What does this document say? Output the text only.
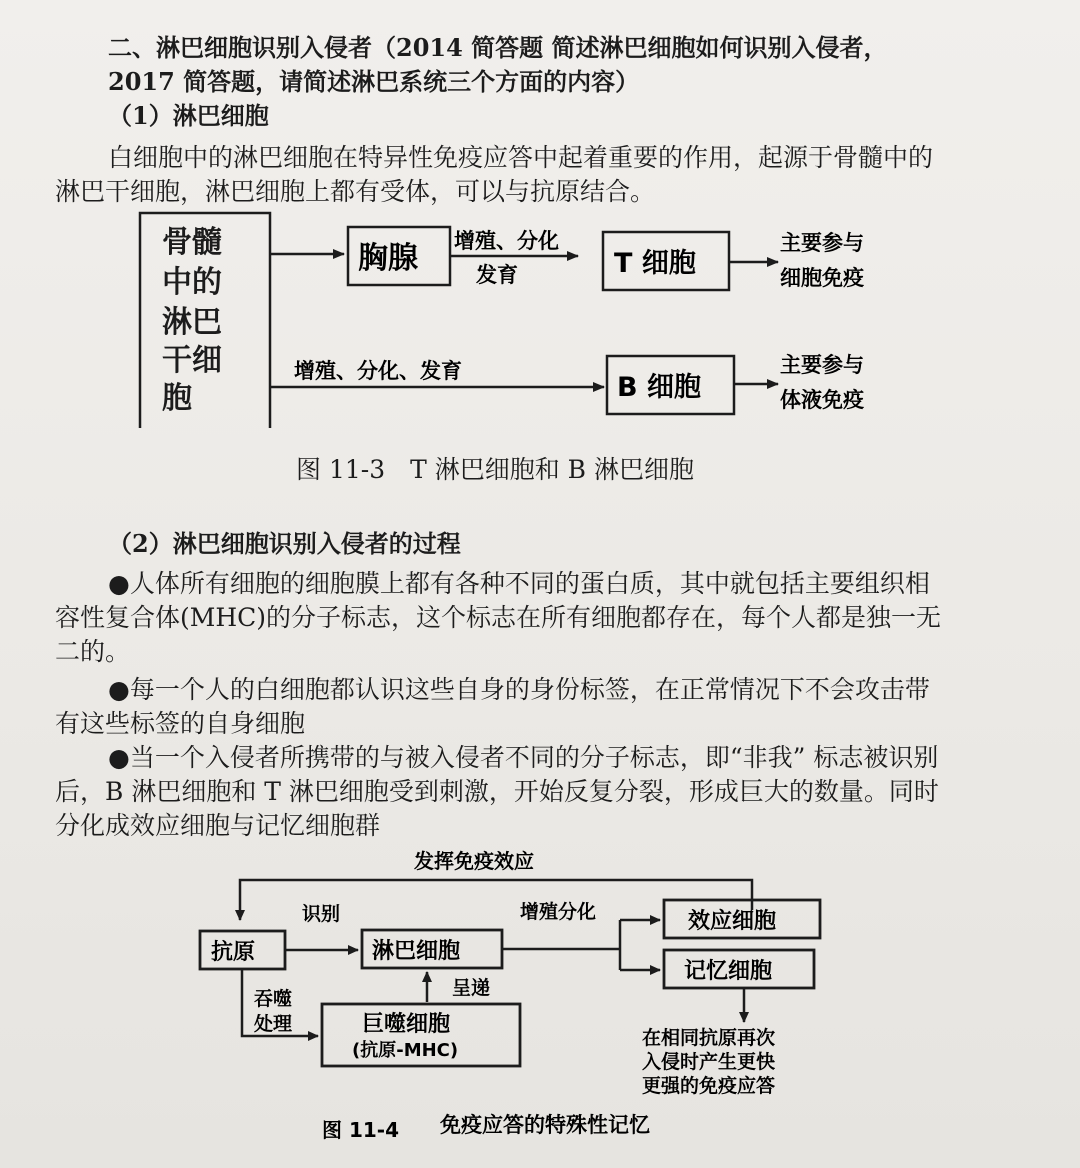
二、淋巴细胞识别入侵者（2014 简答题 简述淋巴细胞如何识别入侵者，
2017 简答题，请简述淋巴系统三个方面的内容）
（1）淋巴细胞
白细胞中的淋巴细胞在特异性免疫应答中起着重要的作用，起源于骨髓中的
淋巴干细胞，淋巴细胞上都有受体，可以与抗原结合。
骨髓
中的
淋巴
干细
胞
胸腺 增殖、分化
发育	T 细胞
主要参与
细胞免疫
增殖、分化、发育
B 细胞
主要参与
体液免疫
图 11-3　T 淋巴细胞和 B 淋巴细胞
（2）淋巴细胞识别入侵者的过程
●人体所有细胞的细胞膜上都有各种不同的蛋白质，其中就包括主要组织相
容性复合体(MHC)的分子标志，这个标志在所有细胞都存在，每个人都是独一无
二的。
●每一个人的白细胞都认识这些自身的身份标签，在正常情况下不会攻击带
有这些标签的自身细胞
●当一个入侵者所携带的与被入侵者不同的分子标志，即“非我” 标志被识别
后，B 淋巴细胞和 T 淋巴细胞受到刺激，开始反复分裂，形成巨大的数量。同时
分化成效应细胞与记忆细胞群
发挥免疫效应
抗原
识别
淋巴细胞
增殖分化	效应细胞
记忆细胞
在相同抗原再次
入侵时产生更快
更强的免疫应答
吞噬
处理	巨噬细胞
(抗原-MHC)
呈递
图 11-4 免疫应答的特殊性记忆
